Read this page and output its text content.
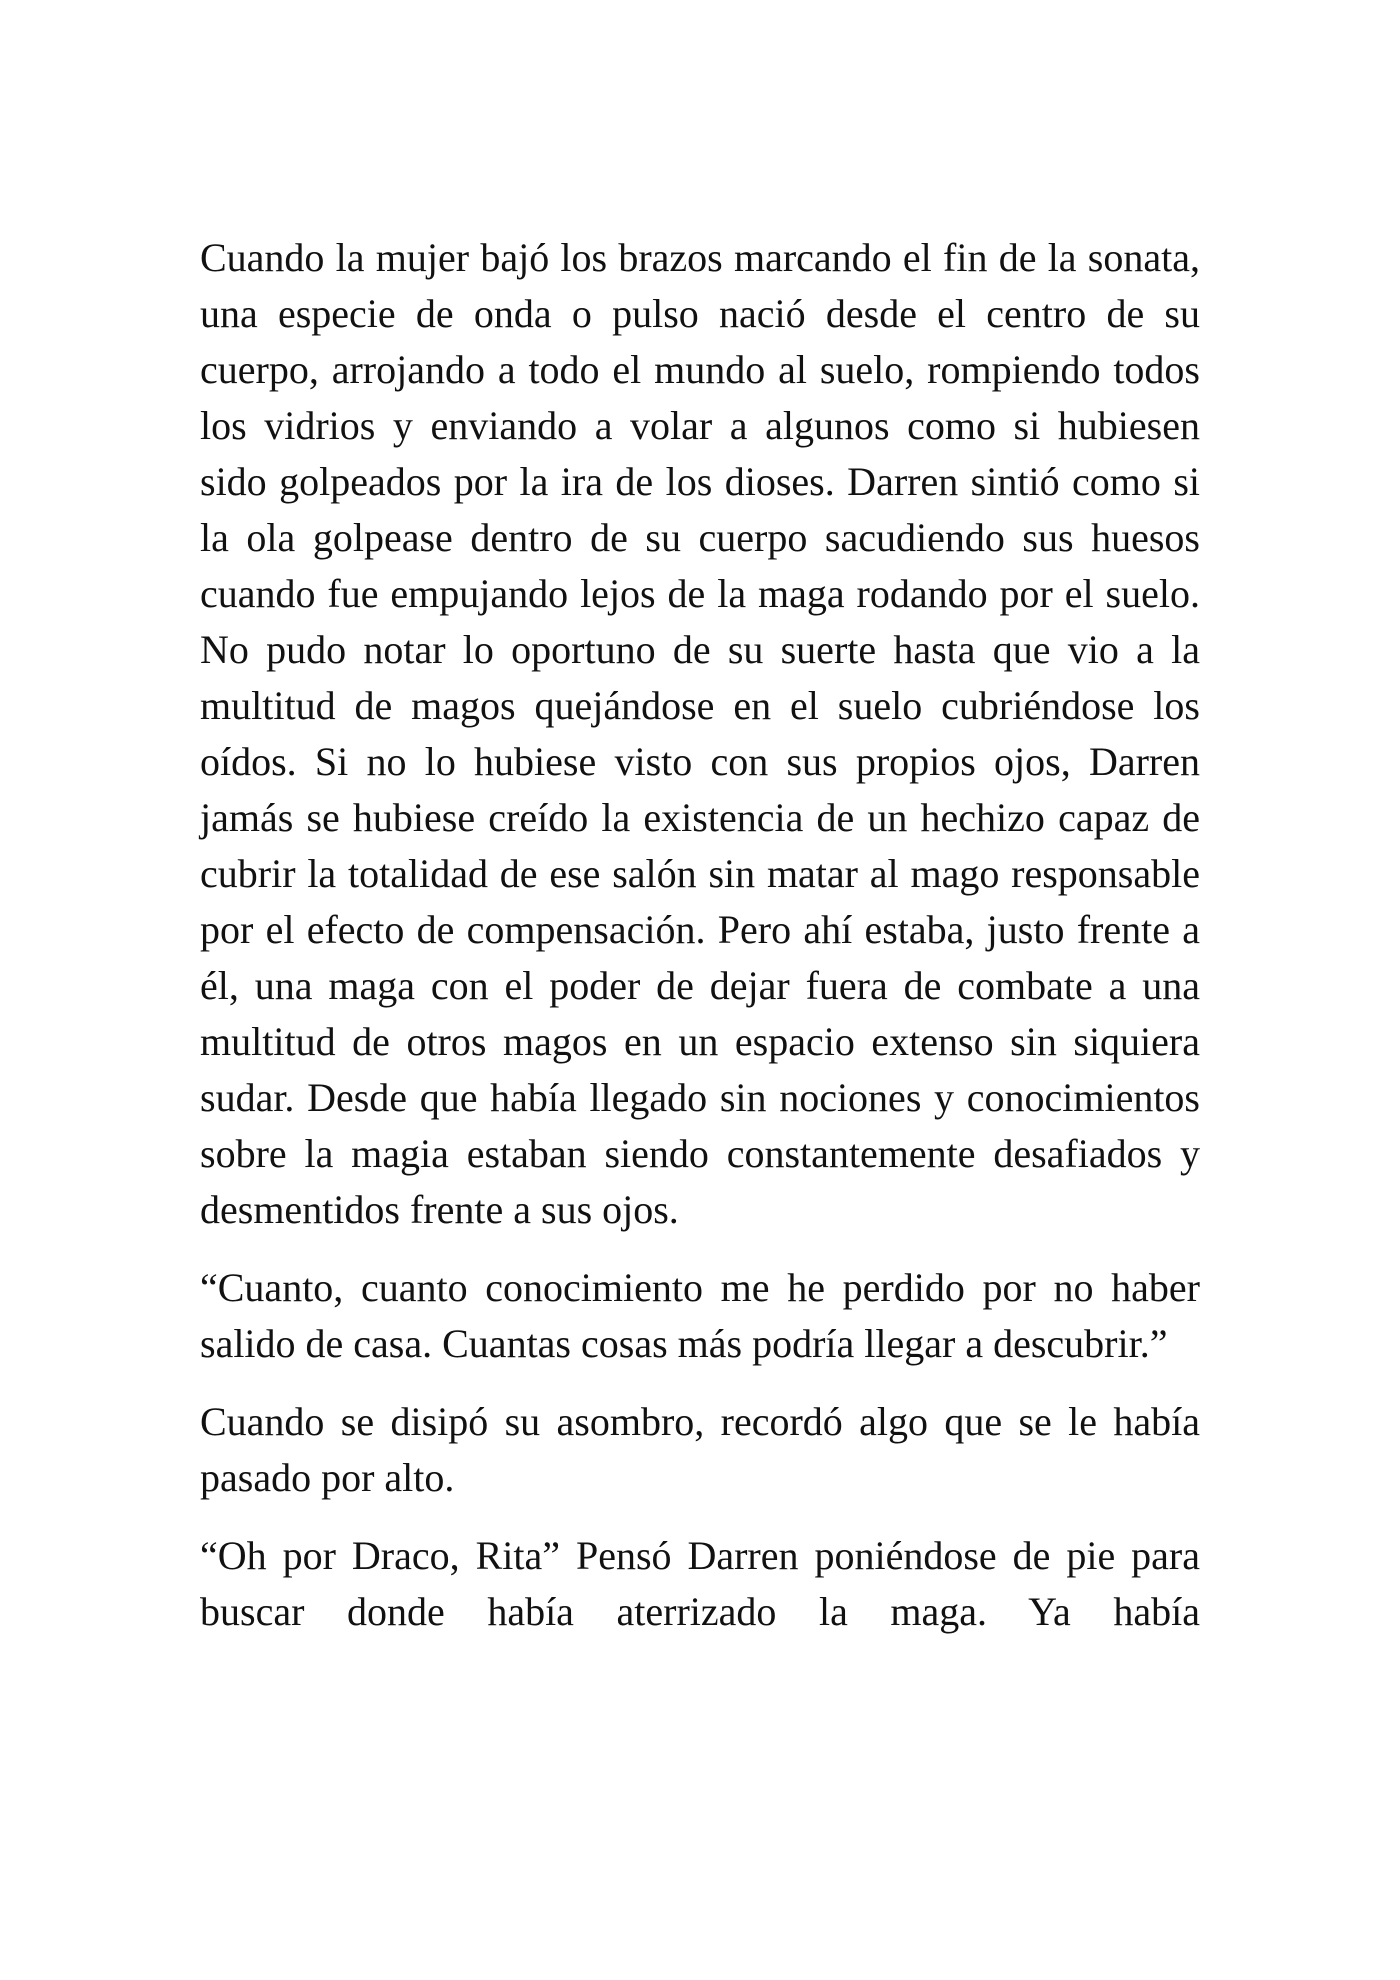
Cuando la mujer bajó los brazos marcando el fin de la sonata, una especie de onda o pulso nació desde el centro de su cuerpo, arrojando a todo el mundo al suelo, rompiendo todos los vidrios y enviando a volar a algunos como si hubiesen sido golpeados por la ira de los dioses. Darren sintió como si la ola golpease dentro de su cuerpo sacudiendo sus huesos cuando fue empujando lejos de la maga rodando por el suelo. No pudo notar lo oportuno de su suerte hasta que vio a la multitud de magos quejándose en el suelo cubriéndose los oídos. Si no lo hubiese visto con sus propios ojos, Darren jamás se hubiese creído la existencia de un hechizo capaz de cubrir la totalidad de ese salón sin matar al mago responsable por el efecto de compensación. Pero ahí estaba, justo frente a él, una maga con el poder de dejar fuera de combate a una multitud de otros magos en un espacio extenso sin siquiera sudar. Desde que había llegado sin nociones y conocimientos sobre la magia estaban siendo constantemente desafiados y desmentidos frente a sus ojos.

“Cuanto, cuanto conocimiento me he perdido por no haber salido de casa. Cuantas cosas más podría llegar a descubrir.”

Cuando se disipó su asombro, recordó algo que se le había pasado por alto.

“Oh por Draco, Rita” Pensó Darren poniéndose de pie para buscar donde había aterrizado la maga. Ya había
